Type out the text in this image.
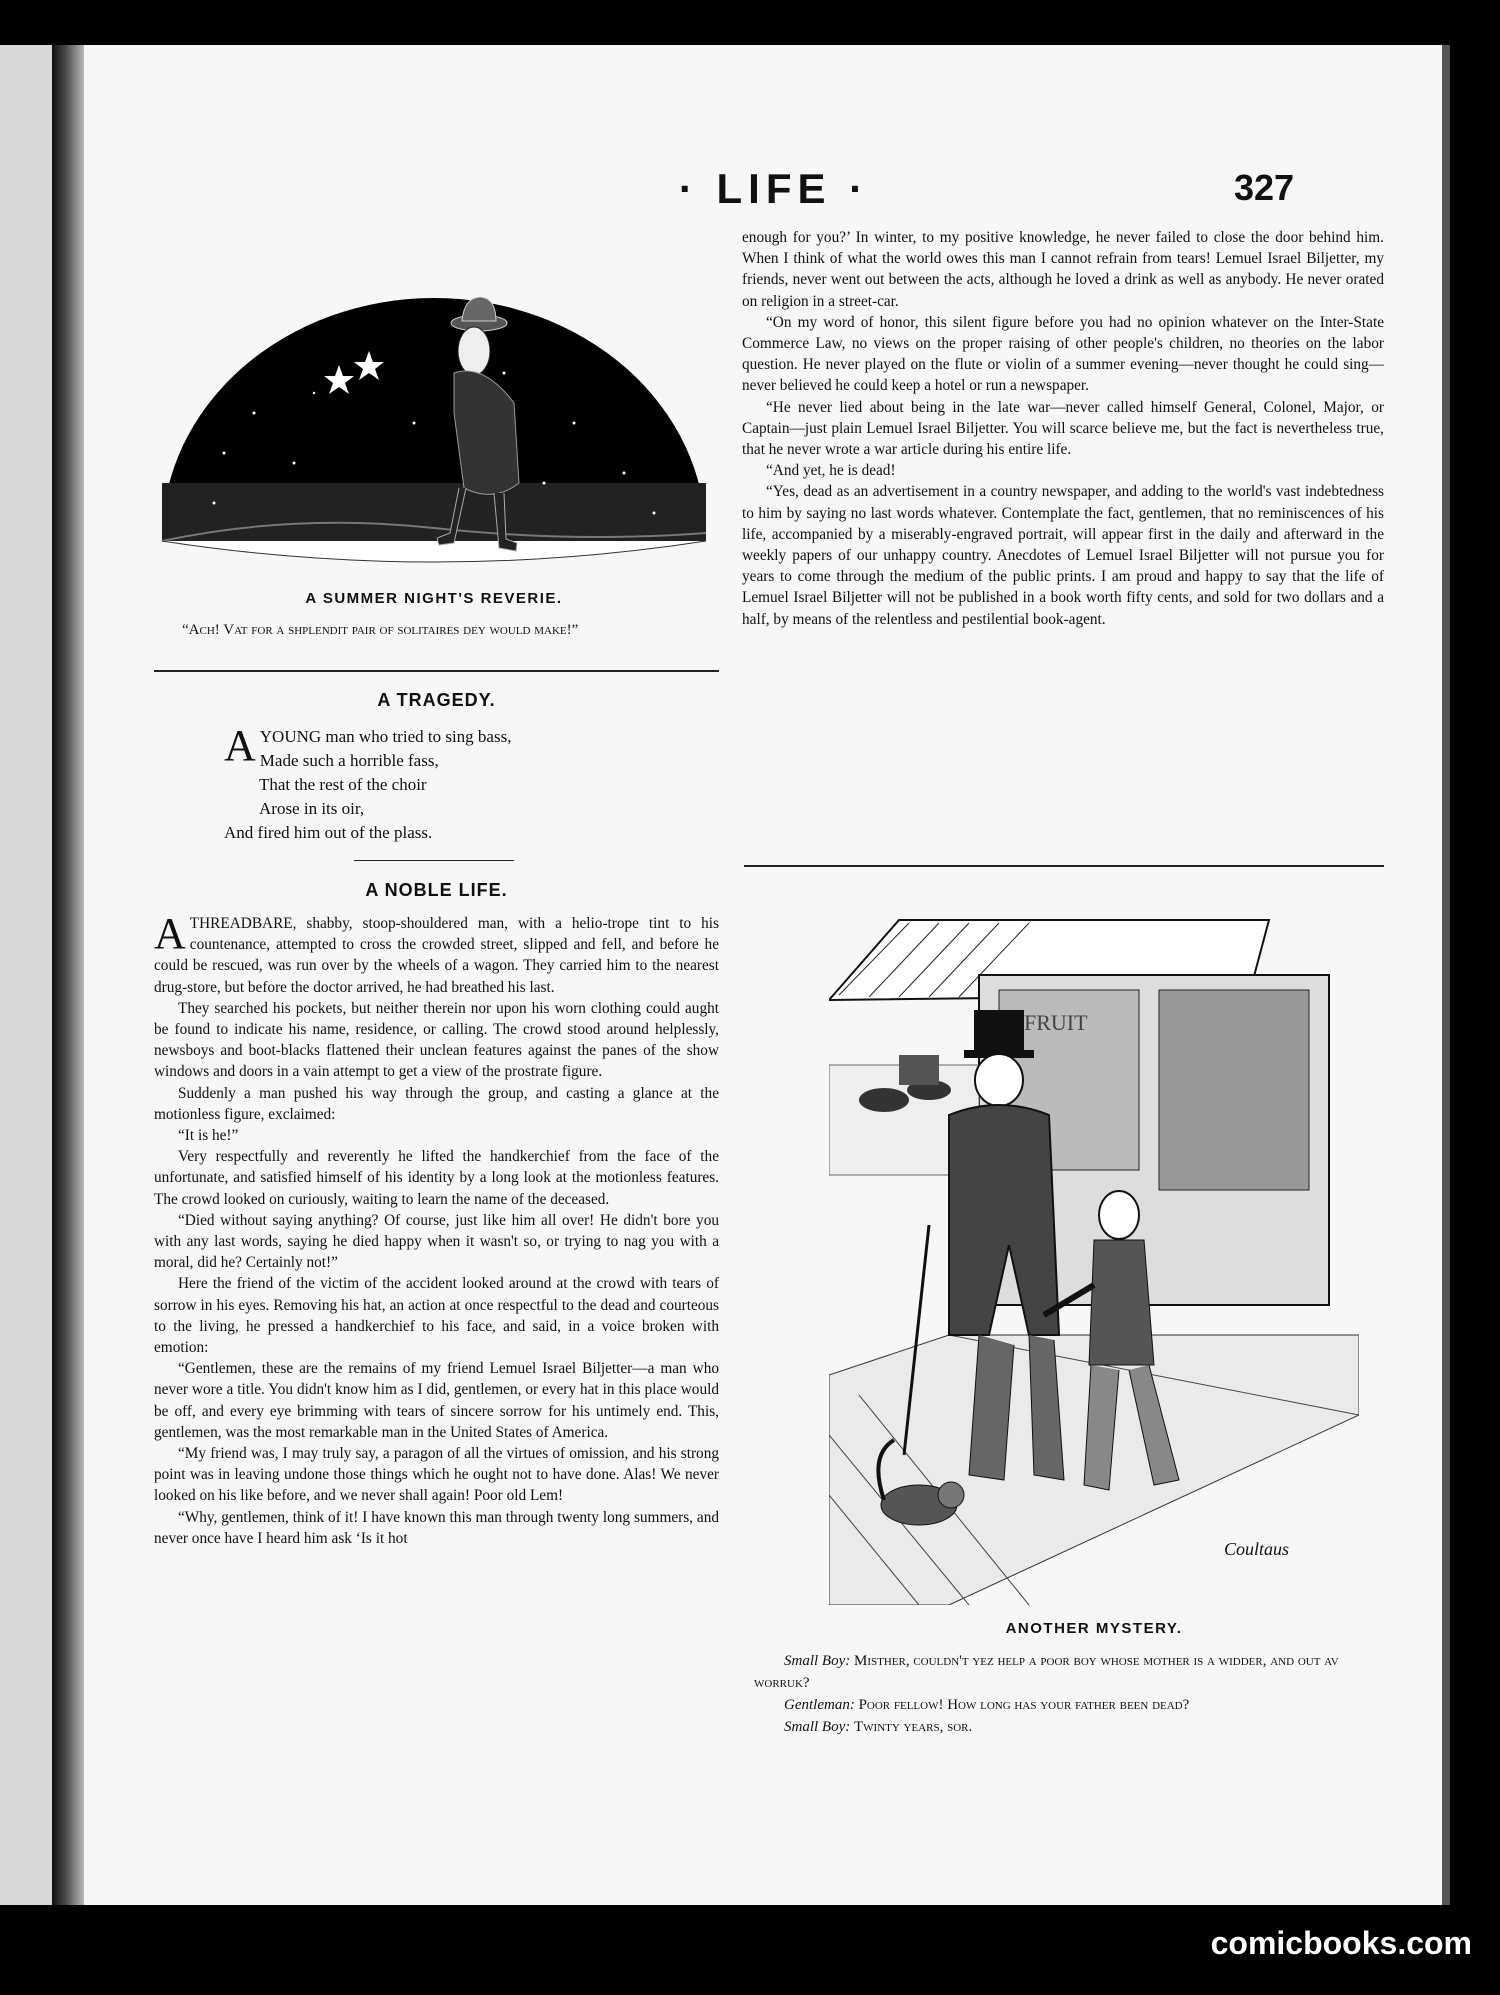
· LIFE ·	327
A SUMMER NIGHT'S REVERIE.
“Ach! Vat for a shplendit pair of solitaires dey would make!”
A TRAGEDY.
A YOUNG man who tried to sing bass,
Made such a horrible fass,
That the rest of the choir
Arose in its oir,
And fired him out of the plass.
A NOBLE LIFE.

ATHREADBARE, shabby, stoop-shouldered man, with a helio-trope tint to his countenance, attempted to cross the crowded street, slipped and fell, and before he could be rescued, was run over by the wheels of a wagon. They carried him to the nearest drug-store, but before the doctor arrived, he had breathed his last.

They searched his pockets, but neither therein nor upon his worn clothing could aught be found to indicate his name, residence, or calling. The crowd stood around helplessly, newsboys and boot-blacks flattened their unclean features against the panes of the show windows and doors in a vain attempt to get a view of the prostrate figure.

Suddenly a man pushed his way through the group, and casting a glance at the motionless figure, exclaimed:

“It is he!”

Very respectfully and reverently he lifted the handkerchief from the face of the unfortunate, and satisfied himself of his identity by a long look at the motionless features. The crowd looked on curiously, waiting to learn the name of the deceased.

“Died without saying anything? Of course, just like him all over! He didn't bore you with any last words, saying he died happy when it wasn't so, or trying to nag you with a moral, did he? Certainly not!”

Here the friend of the victim of the accident looked around at the crowd with tears of sorrow in his eyes. Removing his hat, an action at once respectful to the dead and courteous to the living, he pressed a handkerchief to his face, and said, in a voice broken with emotion:

“Gentlemen, these are the remains of my friend Lemuel Israel Biljetter—a man who never wore a title. You didn't know him as I did, gentlemen, or every hat in this place would be off, and every eye brimming with tears of sincere sorrow for his untimely end. This, gentlemen, was the most remarkable man in the United States of America.

“My friend was, I may truly say, a paragon of all the virtues of omission, and his strong point was in leaving undone those things which he ought not to have done. Alas! We never looked on his like before, and we never shall again! Poor old Lem!

“Why, gentlemen, think of it! I have known this man through twenty long summers, and never once have I heard him ask ‘Is it hot

enough for you?’ In winter, to my positive knowledge, he never failed to close the door behind him. When I think of what the world owes this man I cannot refrain from tears! Lemuel Israel Biljetter, my friends, never went out between the acts, although he loved a drink as well as anybody. He never orated on religion in a street-car.

“On my word of honor, this silent figure before you had no opinion whatever on the Inter-State Commerce Law, no views on the proper raising of other people's children, no theories on the labor question. He never played on the flute or violin of a summer evening—never thought he could sing—never believed he could keep a hotel or run a newspaper.

“He never lied about being in the late war—never called himself General, Colonel, Major, or Captain—just plain Lemuel Israel Biljetter. You will scarce believe me, but the fact is nevertheless true, that he never wrote a war article during his entire life.

“And yet, he is dead!

“Yes, dead as an advertisement in a country newspaper, and adding to the world's vast indebtedness to him by saying no last words whatever. Contemplate the fact, gentlemen, that no reminiscences of his life, accompanied by a miserably-engraved portrait, will appear first in the daily and afterward in the weekly papers of our unhappy country. Anecdotes of Lemuel Israel Biljetter will not pursue you for years to come through the medium of the public prints. I am proud and happy to say that the life of Lemuel Israel Biljetter will not be published in a book worth fifty cents, and sold for two dollars and a half, by means of the relentless and pestilential book-agent.

FRUIT
Coultaus
ANOTHER MYSTERY.

Small Boy: Misther, couldn't yez help a poor boy whose mother is a widder, and out av worruk?

Gentleman: Poor fellow! How long has your father been dead?

Small Boy: Twinty years, sor.

comicbooks.com
